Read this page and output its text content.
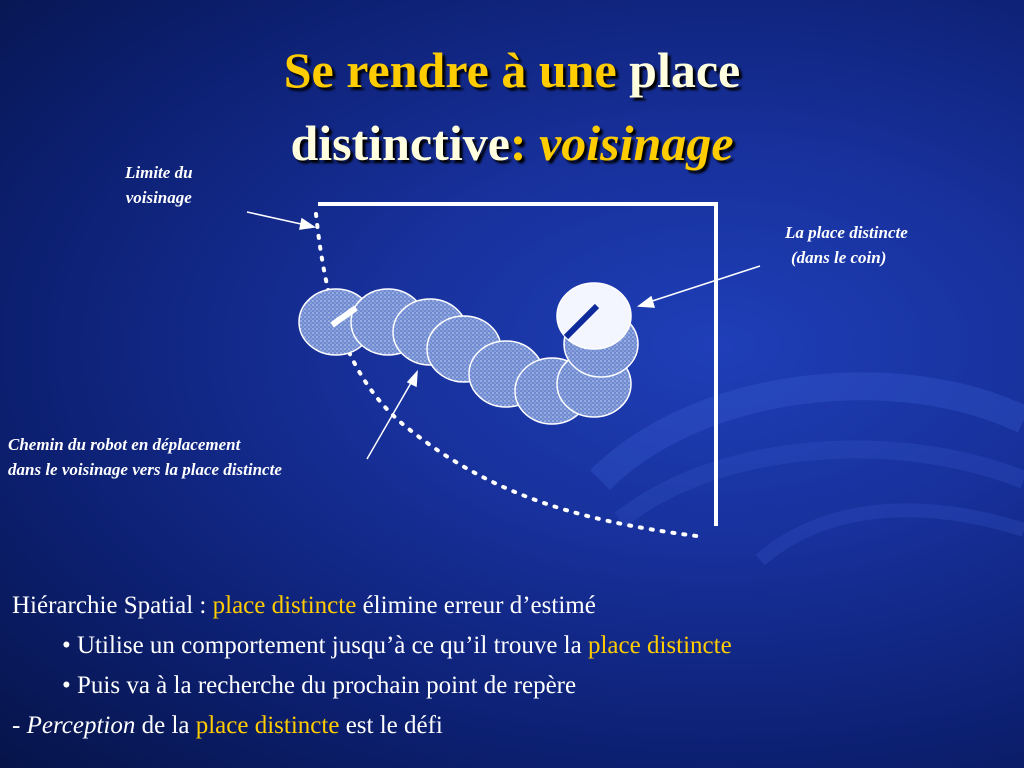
Se rendre à une place
distinctive: voisinage
Limite du
voisinage
La place distincte
(dans le coin)
Chemin du robot en déplacement
dans le voisinage vers la place distincte
Hiérarchie Spatial : place distincte élimine erreur d’estimé
• Utilise un comportement jusqu’à ce qu’il trouve la place distincte
• Puis va à la recherche du prochain point de repère
- Perception de la place distincte est le défi
